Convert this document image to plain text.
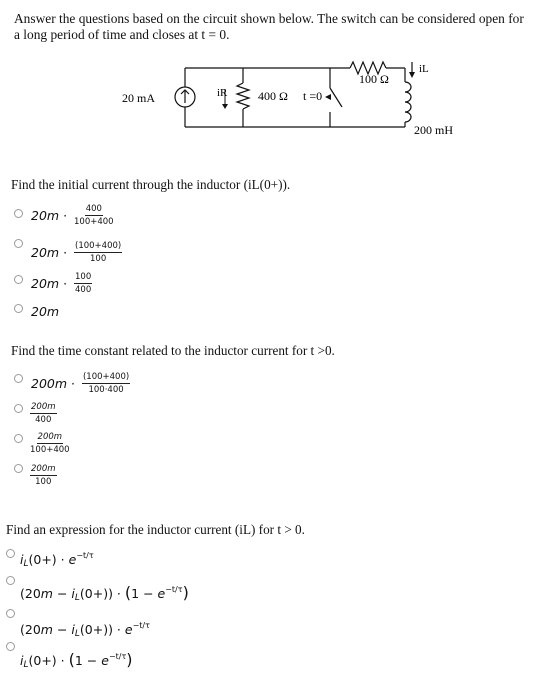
Answer the questions based on the circuit shown below. The switch can be considered open for a long period of time and closes at t = 0.
20 mA	iR	400 Ω t =0
100 Ω
iL
200 mH
Find the initial current through the inductor (iL(0+)).
$20m \cdot \frac{400}{100+400}$
$20m \cdot \frac{(100+400)}{100}$
$20m \cdot \frac{100}{400}$
20m
Find the time constant related to the inductor current for t >0.
$200m \cdot \frac{(100+400)}{100\cdot 400}$
$\frac{200m}{400}$
$\frac{200m}{100+400}$
$\frac{200m}{100}$
Find an expression for the inductor current (iL) for t > 0.
$i_L(0+) \cdot e^{-t/\tau}$
$(20m - i_L(0+)) \cdot (1 - e^{-t/\tau})$
$(20m - i_L(0+)) \cdot e^{-t/\tau}$
$i_L(0+) \cdot (1 - e^{-t/\tau})$
